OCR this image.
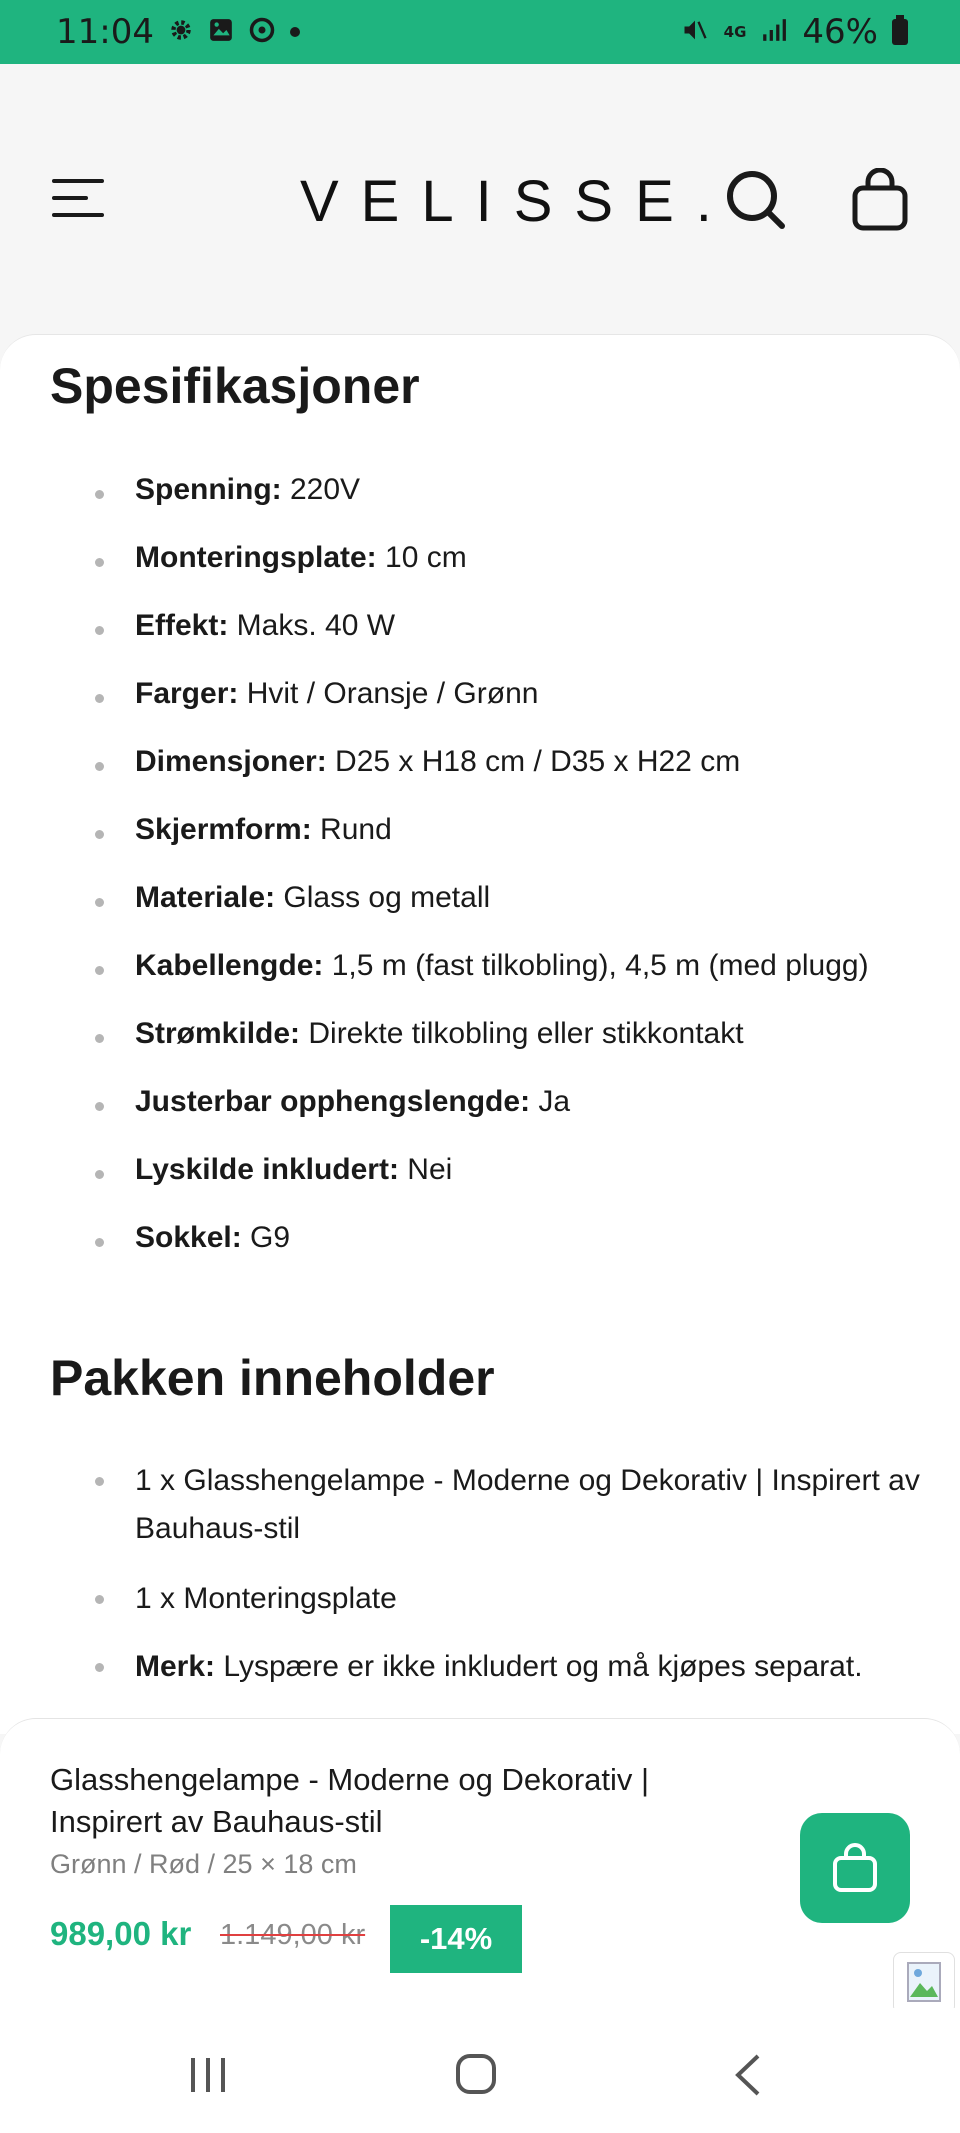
11:04	4G 46%
VELISSE.
Spesifikasjoner
Spenning: 220V
Monteringsplate: 10 cm
Effekt: Maks. 40 W
Farger: Hvit / Oransje / Grønn
Dimensjoner: D25 x H18 cm / D35 x H22 cm
Skjermform: Rund
Materiale: Glass og metall
Kabellengde: 1,5 m (fast tilkobling), 4,5 m (med plugg)
Strømkilde: Direkte tilkobling eller stikkontakt
Justerbar opphengslengde: Ja
Lyskilde inkludert: Nei
Sokkel: G9
Pakken inneholder
1 x Glasshengelampe - Moderne og Dekorativ | Inspirert av Bauhaus-stil
1 x Monteringsplate
Merk: Lyspære er ikke inkludert og må kjøpes separat.
Glasshengelampe - Moderne og Dekorativ | Inspirert av Bauhaus-stil
Grønn / Rød / 25 × 18 cm
989,00 kr 1.149,00 kr	-14%
